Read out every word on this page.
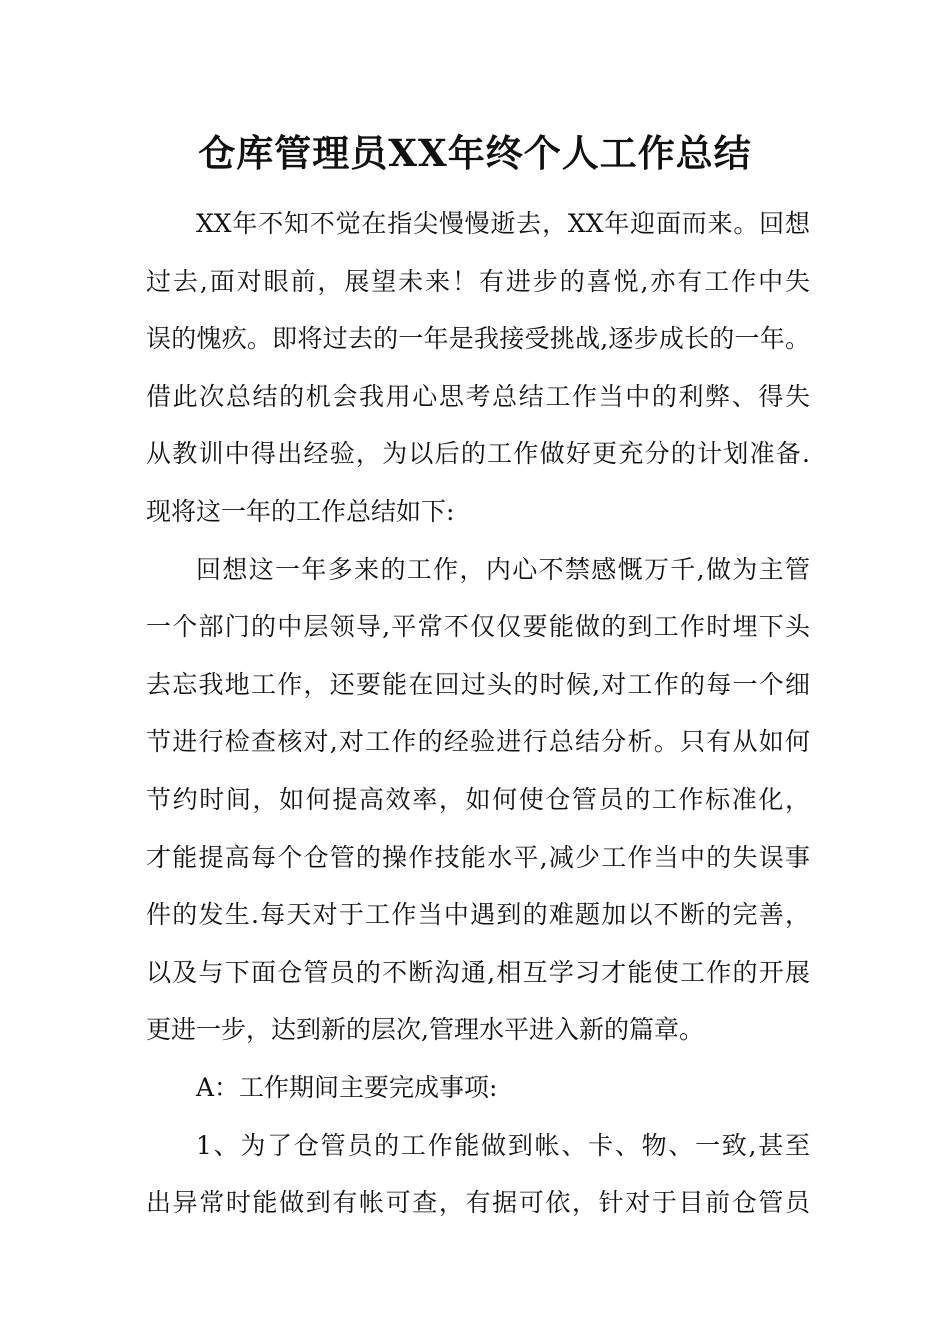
仓库管理员XX年终个人工作总结
XX年不知不觉在指尖慢慢逝去，XX年迎面而来。回想
过去,面对眼前，展望未来！有进步的喜悦,亦有工作中失
误的愧疚。即将过去的一年是我接受挑战,逐步成长的一年。
借此次总结的机会我用心思考总结工作当中的利弊、得失
从教训中得出经验，为以后的工作做好更充分的计划准备.
现将这一年的工作总结如下:
回想这一年多来的工作，内心不禁感慨万千,做为主管
一个部门的中层领导,平常不仅仅要能做的到工作时埋下头
去忘我地工作，还要能在回过头的时候,对工作的每一个细
节进行检查核对,对工作的经验进行总结分析。只有从如何
节约时间，如何提高效率，如何使仓管员的工作标准化，
才能提高每个仓管的操作技能水平,减少工作当中的失误事
件的发生.每天对于工作当中遇到的难题加以不断的完善，
以及与下面仓管员的不断沟通,相互学习才能使工作的开展
更进一步，达到新的层次,管理水平进入新的篇章。
A：工作期间主要完成事项:
1、为了仓管员的工作能做到帐、卡、物、一致,甚至
出异常时能做到有帐可查，有据可依，针对于目前仓管员
